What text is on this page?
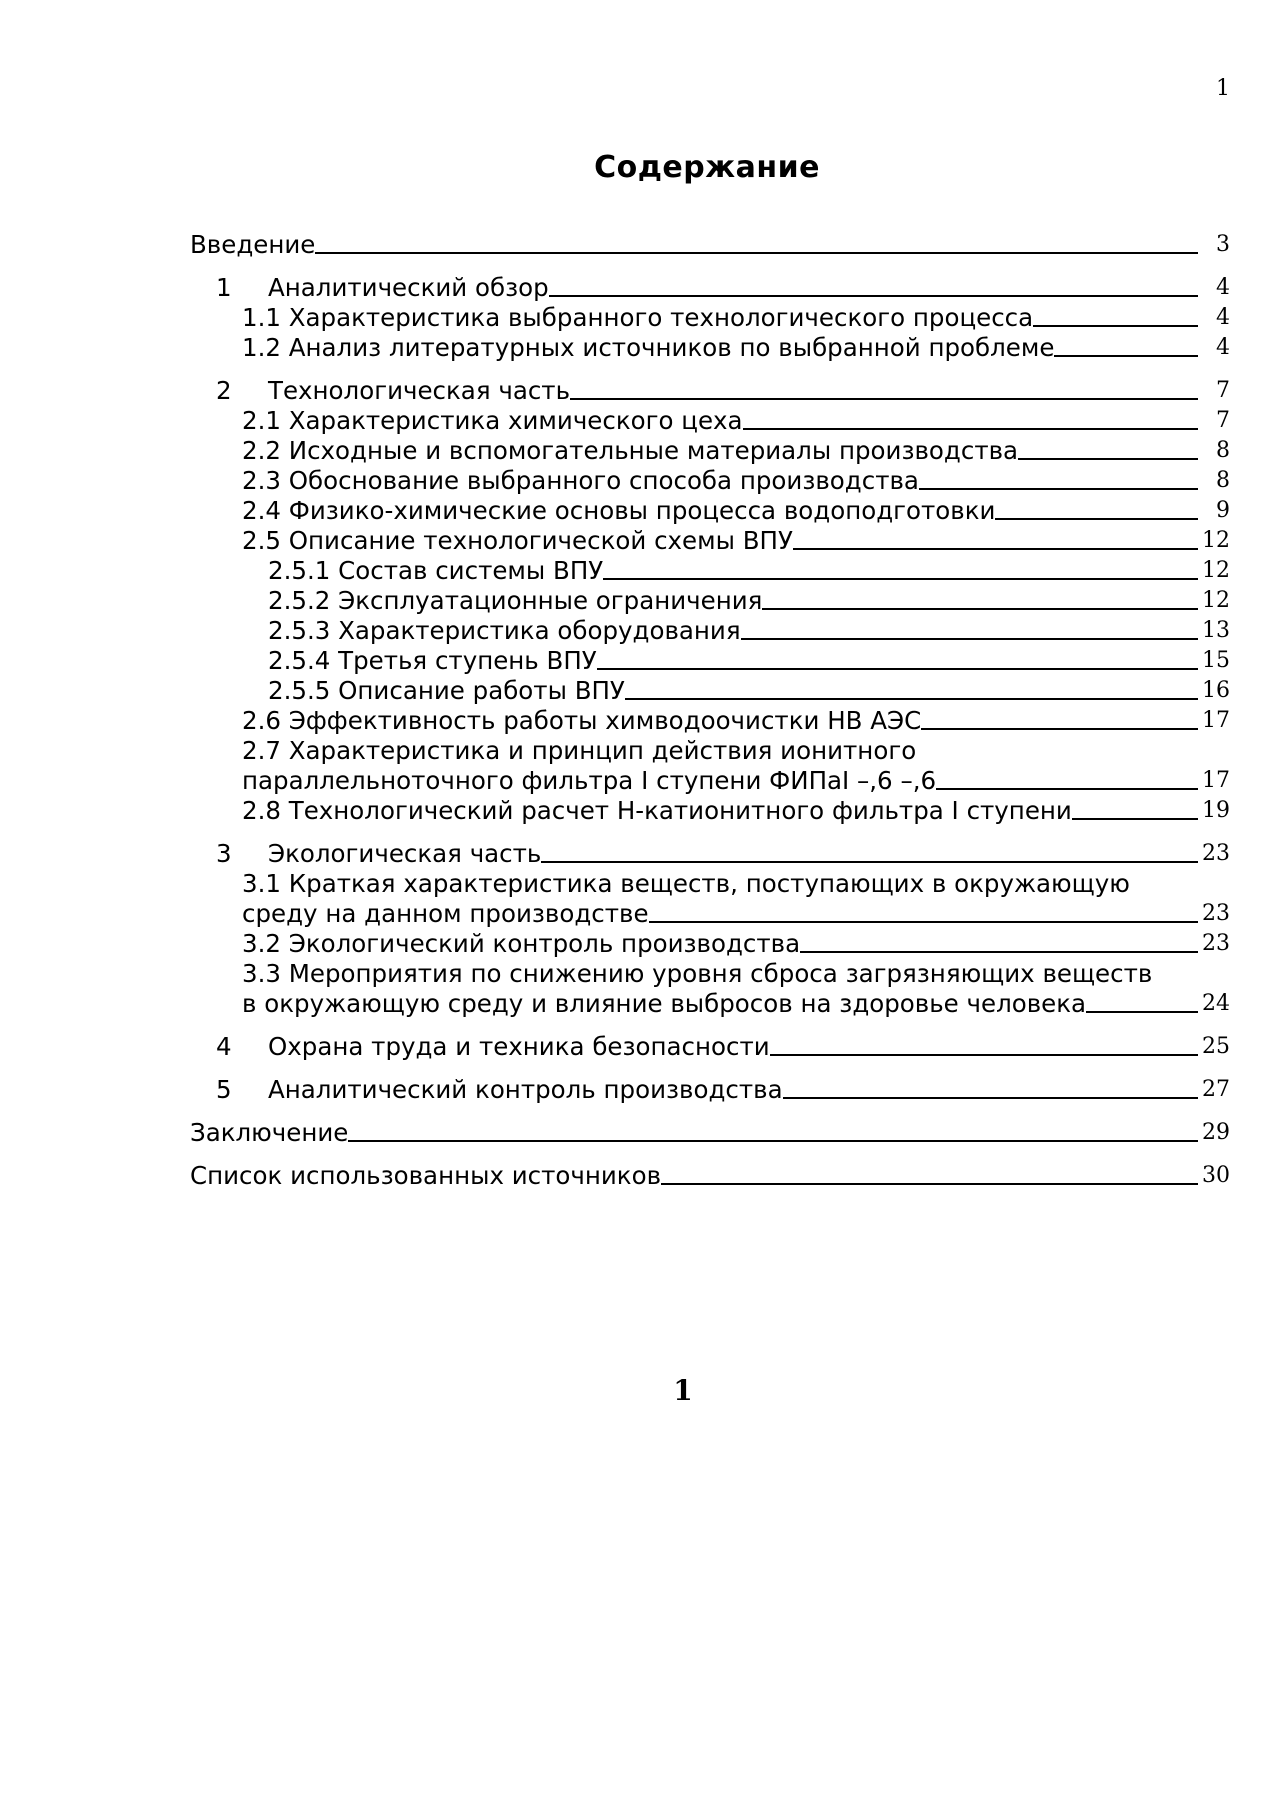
1
Содержание
Введение	3
1	Аналитический обзор	4
1.1 Характеристика выбранного технологического процесса	4
1.2 Анализ литературных источников по выбранной проблеме	4
2	Технологическая часть	7
2.1 Характеристика химического цеха	7
2.2 Исходные и вспомогательные материалы производства	8
2.3 Обоснование выбранного способа производства	8
2.4 Физико-химические основы процесса водоподготовки	9
2.5 Описание технологической схемы ВПУ	12
2.5.1 Состав системы ВПУ	12
2.5.2 Эксплуатационные ограничения	12
2.5.3 Характеристика оборудования	13
2.5.4 Третья ступень ВПУ	15
2.5.5 Описание работы ВПУ	16
2.6 Эффективность работы химводоочистки НВ АЭС	17
2.7 Характеристика и принцип действия ионитного
параллельноточного фильтра I ступени ФИПаI –,6 –,6	17
2.8 Технологический расчет Н-катионитного фильтра I ступени	19
3	Экологическая часть	23
3.1 Краткая характеристика веществ, поступающих в окружающую
среду на данном производстве	23
3.2 Экологический контроль производства	23
3.3 Мероприятия по снижению уровня сброса загрязняющих веществ
в окружающую среду и влияние выбросов на здоровье человека	24
4	Охрана труда и техника безопасности	25
5	Аналитический контроль производства	27
Заключение	29
Список использованных источников	30
1
